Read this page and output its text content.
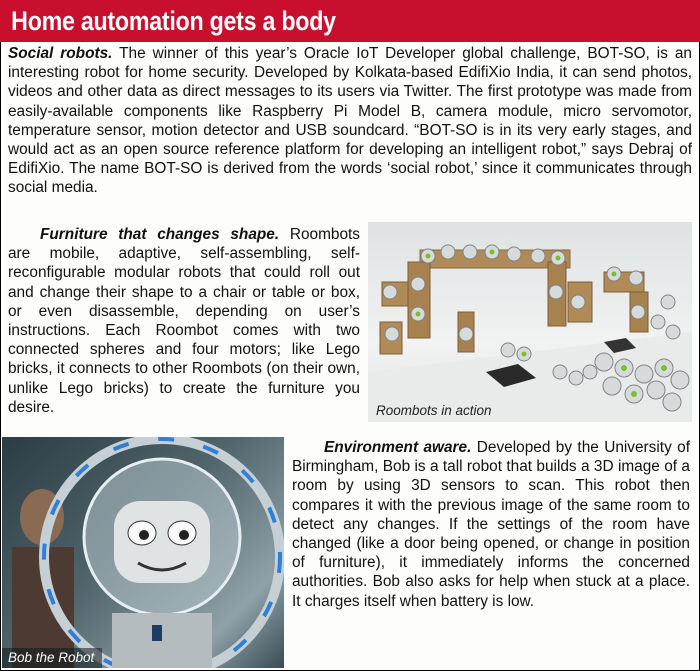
Home automation gets a body
Social robots. The winner of this year’s Oracle IoT Developer global challenge, BOT-SO, is an interesting robot for home security. Developed by Kolkata-based EdifiXio India, it can send photos, videos and other data as direct messages to its users via Twitter. The first prototype was made from easily-available components like Raspberry Pi Model B, camera module, micro servomotor, temperature sensor, motion detector and USB soundcard. “BOT-SO is in its very early stages, and would act as an open source reference platform for developing an intelligent robot,” says Debraj of EdifiXio. The name BOT-SO is derived from the words ‘social robot,’ since it communicates through social media.
Furniture that changes shape. Roombots are mobile, adaptive, self-assembling, self-reconfigurable modular robots that could roll out and change their shape to a chair or table or box, or even disassemble, depending on user’s instructions. Each Roombot comes with two connected spheres and four motors; like Lego bricks, it connects to other Roombots (on their own, unlike Lego bricks) to create the furniture you desire.	Roombots in action
Bob the Robot
Environment aware. Developed by the University of Birmingham, Bob is a tall robot that builds a 3D image of a room by using 3D sensors to scan. This robot then compares it with the previous image of the same room to detect any changes. If the settings of the room have changed (like a door being opened, or change in position of furniture), it immediately informs the concerned authorities. Bob also asks for help when stuck at a place. It charges itself when battery is low.
